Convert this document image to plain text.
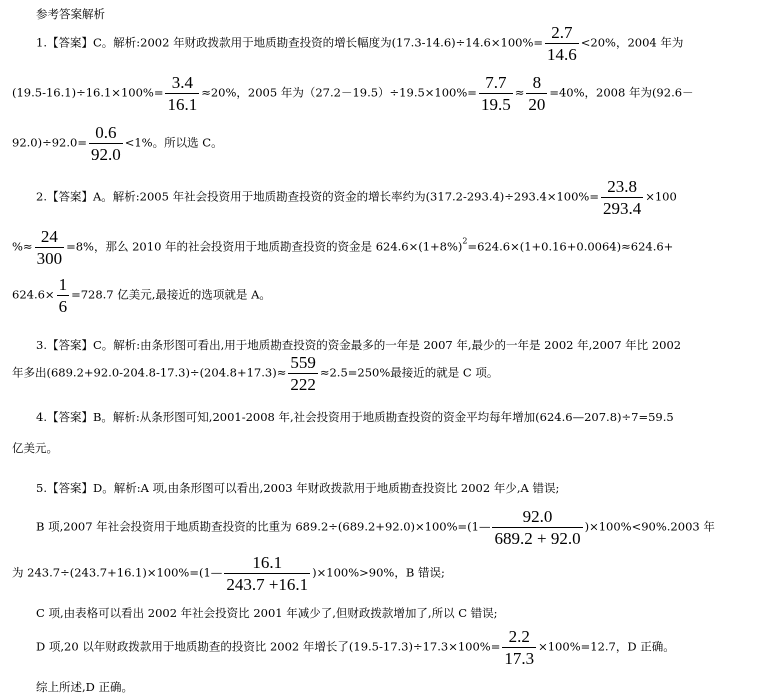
参考答案解析
1.【答案】C。解析:2002 年财政拨款用于地质勘查投资的增长幅度为$(17.3-14.6)\div 14.6\times 100\%= \frac{2.7}{14.6} <20\%$，2004 年为
$(19.5-16.1)\div 16.1\times 100\%= \frac{3.4}{16.1} \approx 20\%$，2005 年为$(27.2-19.5)\div 19.5\times 100\%= \frac{7.7}{19.5} \approx \frac{8}{20} =40\%$，2008 年为(92.6－
$92.0)\div 92.0= \frac{0.6}{92.0} <1\%$。所以选 C。
2.【答案】A。解析:2005 年社会投资用于地质勘查投资的资金的增长率约为$(317.2-293.4)\div 293.4\times 100\%= \frac{23.8}{293.4} \times 100$
%≈ $\frac{24}{300} =8\%$，那么 2010 年的社会投资用于地质勘查投资的资金是 $624.6\times(1+8\%)^2=624.6\times(1+0.16+0.0064)\approx 624.6+$
$624.6\times \frac{1}{6} =728.7$ 亿美元,最接近的选项就是 A。
3.【答案】C。解析:由条形图可看出,用于地质勘查投资的资金最多的一年是 2007 年,最少的一年是 2002 年,2007 年比 2002
年多出$(689.2+92.0-204.8-17.3)\div(204.8+17.3)\approx \frac{559}{222} \approx 2.5=250\%$最接近的就是 C 项。
4.【答案】B。解析:从条形图可知,2001-2008 年,社会投资用于地质勘查投资的资金平均每年增加(624.6—207.8)÷7=59.5
亿美元。
5.【答案】D。解析:A 项,由条形图可以看出,2003 年财政拨款用于地质勘查投资比 2002 年少,A 错误;
B 项,2007 年社会投资用于地质勘查投资的比重为 689.2÷(689.2+92.0)×100%=(1— $\frac{92.0}{689.2 + 92.0} )\times 100\%<90\%.2003$ 年
为 243.7÷(243.7+16.1)×100%=(1— $\frac{16.1}{243.7 +16.1} )\times 100\%>90\%$，B 错误;
C 项,由表格可以看出 2002 年社会投资比 2001 年减少了,但财政拨款增加了,所以 C 错误;
D 项,20 以年财政拨款用于地质勘查的投资比 2002 年增长了$(19.5-17.3)\div 17.3\times 100\%= \frac{2.2}{17.3} \times 100\%=12.7$，D 正确。
综上所述,D 正确。
